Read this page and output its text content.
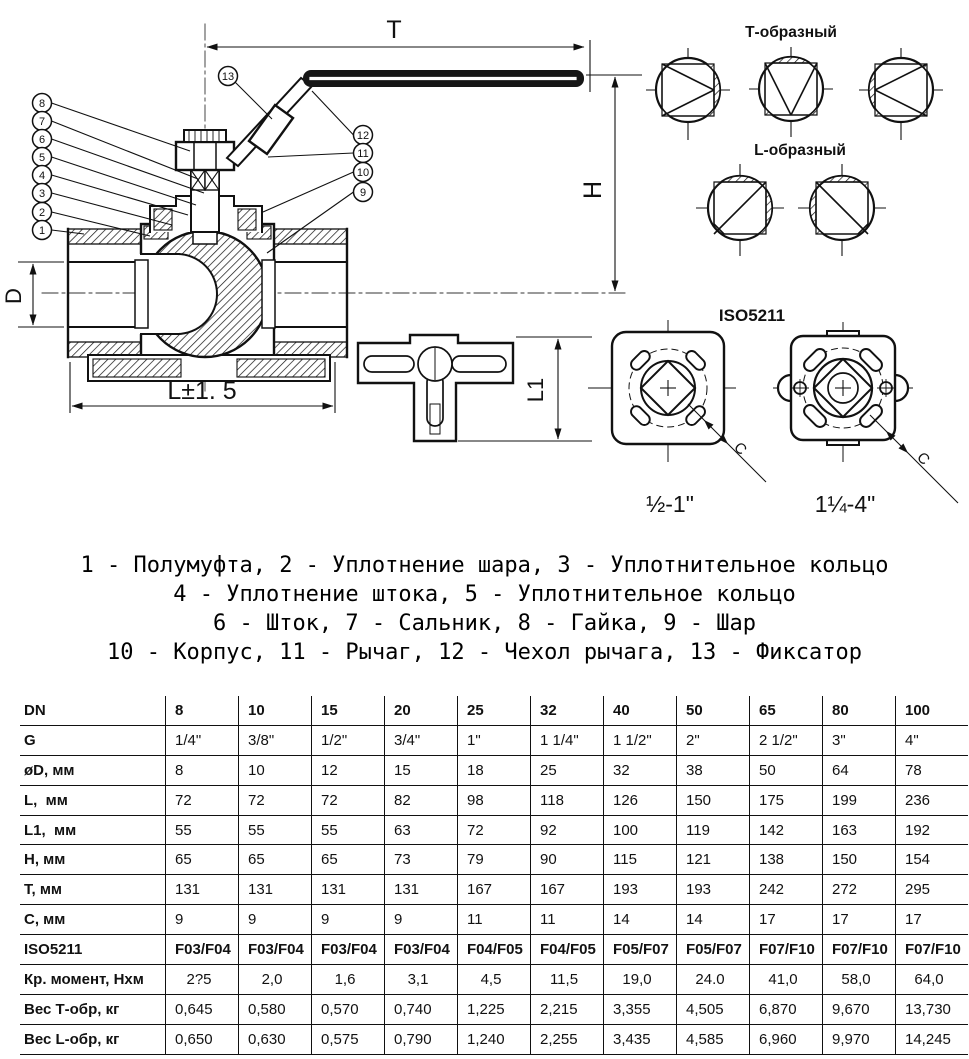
T
H
D
L±1. 5	L1
8
7
6
5
4
3
2
1
13
12
11
10
9
Т-образный
L-образный
ISO5211
C
½-1"
C
1¼-4"
1 - Полумуфта, 2 - Уплотнение шара, 3 - Уплотнительное кольцо
4 - Уплотнение штока, 5 - Уплотнительное кольцо
6 - Шток, 7 - Сальник, 8 - Гайка, 9 - Шар
10 - Корпус, 11 - Рычаг, 12 - Чехол рычага, 13 - Фиксатор
DN	8	10	15	20	25	32	40	50	65	80	100
G	1/4"	3/8"	1/2"	3/4"	1"	1 1/4"	1 1/2"	2"	2 1/2"	3"	4"
øD, мм	8	10	12	15	18	25	32	38	50	64	78
L,  мм	72	72	72	82	98	118	126	150	175	199	236
L1,  мм	55	55	55	63	72	92	100	119	142	163	192
H, мм	65	65	65	73	79	90	115	121	138	150	154
T, мм	131	131	131	131	167	167	193	193	242	272	295
C, мм	9	9	9	9	11	11	14	14	17	17	17
ISO5211	F03/F04	F03/F04	F03/F04	F03/F04	F04/F05	F04/F05	F05/F07	F05/F07	F07/F10	F07/F10	F07/F10
Кр. момент, Нхм	2?5	2,0	1,6	3,1	4,5	11,5	19,0	24.0	41,0	58,0	64,0
Вес Т-обр, кг	0,645	0,580	0,570	0,740	1,225	2,215	3,355	4,505	6,870	9,670	13,730
Вес L-обр, кг	0,650	0,630	0,575	0,790	1,240	2,255	3,435	4,585	6,960	9,970	14,245
